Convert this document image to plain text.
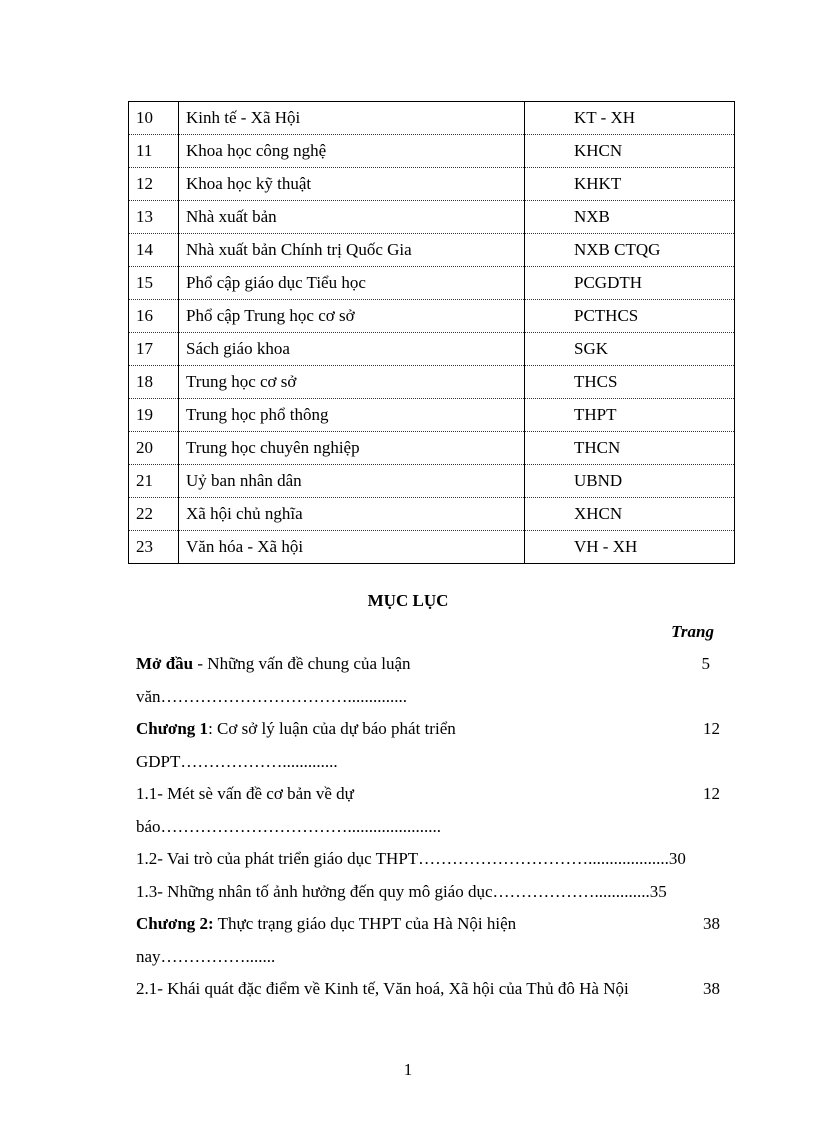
10	Kinh tế - Xã Hội	KT - XH
11	Khoa học công nghệ	KHCN
12	Khoa học kỹ thuật	KHKT
13	Nhà xuất bản	NXB
14	Nhà xuất bản Chính trị Quốc Gia	NXB CTQG
15	Phổ cập giáo dục Tiểu học	PCGDTH
16	Phổ cập Trung học cơ sở	PCTHCS
17	Sách giáo khoa	SGK
18	Trung học cơ sở	THCS
19	Trung học phổ thông	THPT
20	Trung học chuyên nghiệp	THCN
21	Uỷ ban nhân dân	UBND
22	Xã hội chủ nghĩa	XHCN
23	Văn hóa - Xã hội	VH - XH
MỤC LỤC
Trang
Mở đầu - Những vấn đề chung của luận	5
văn……………………………..............
Chương 1: Cơ sở lý luận của dự báo phát triển	12
GDPT……………….............
1.1- Mét sè vấn đề cơ bản về dự	12
báo……………………………......................
1.2- Vai trò của phát triển giáo dục THPT…………………………...................30
1.3- Những nhân tố ảnh hưởng đến quy mô giáo dục……………….............35
Chương 2: Thực trạng giáo dục THPT của Hà Nội hiện	38
nay…………….......
2.1- Khái quát đặc điểm về Kinh tế, Văn hoá, Xã hội của Thủ đô Hà Nội	38
1
